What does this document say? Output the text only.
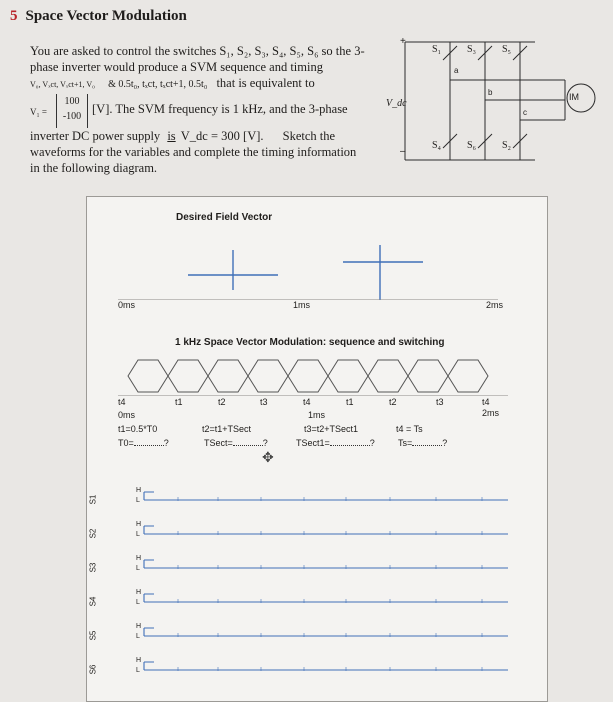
5 Space Vector Modulation
You are asked to control the switches S₁, S₂, S₃, S₄, S₅, S₆ so the 3-
phase inverter would produce a SVM sequence and timing
V₀, Vₓct, Vₓct+1, V₀ & 0.5t₀, tₓct, tₓct+1, 0.5t₀ that is equivalent to
V₁ =
100
-100
[V]. The SVM frequency is 1 kHz, and the 3-phase
inverter DC power supply is V_dc = 300 [V]. Sketch the
waveforms for the variables and complete the timing information
in the following diagram.
+
–
V_dc
S₁	S₃	S₅
S₄	S₆	S₂
a
b
c
IM
Desired Field Vector
0ms	1ms	2ms
1 kHz Space Vector Modulation: sequence and switching
t4	t1	t2	t3	t4	t1	t2	t3	t4
2ms
0ms	1ms
t1=0.5*T0	t2=t1+TSect	t3=t2+TSect1	t4 = Ts
T0=	?	TSect=	?	TSect1=	?	Ts=	?
✥
S1
S2
S3
S4
S5
S6
H
L
H
L
H
L
H
L
H
L
H
L
